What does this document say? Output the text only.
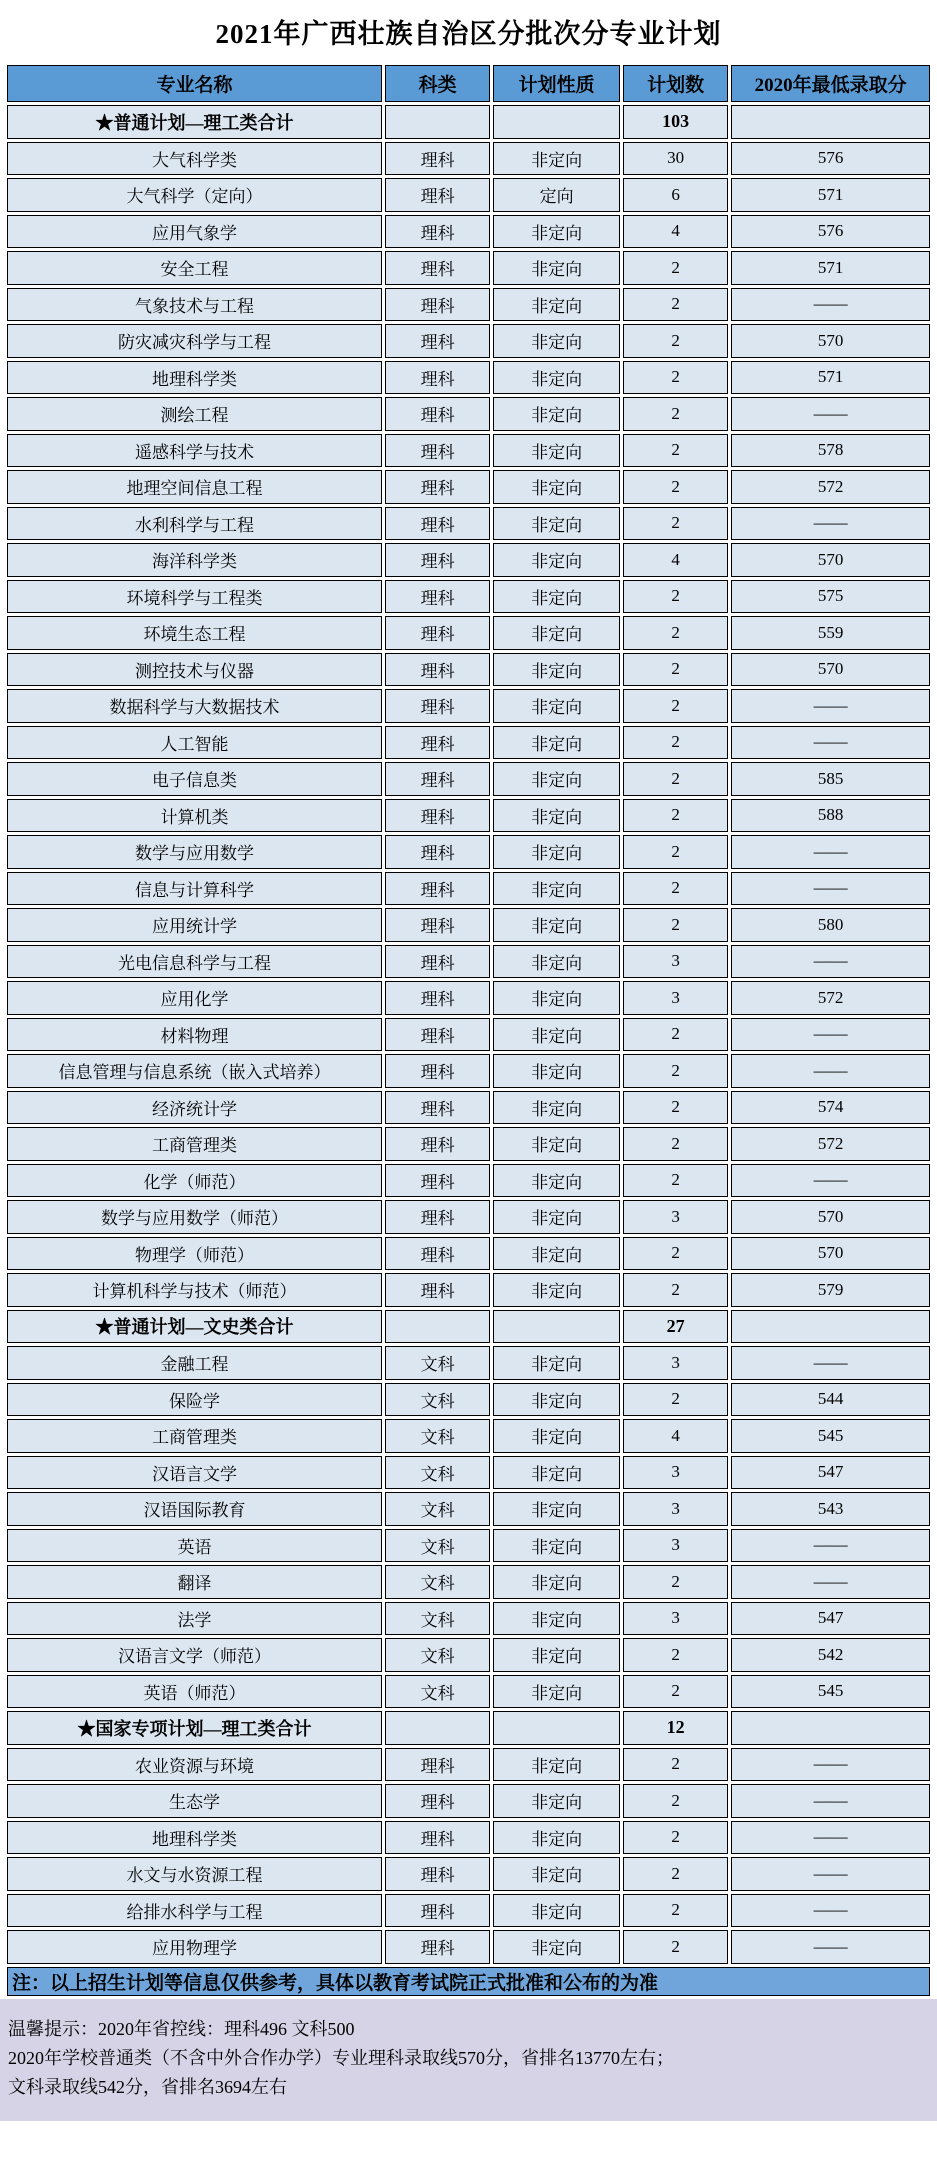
2021年广西壮族自治区分批次分专业计划
专业名称	科类	计划性质	计划数	2020年最低录取分
★普通计划—理工类合计			103	
大气科学类	理科	非定向	30	576
大气科学（定向）	理科	定向	6	571
应用气象学	理科	非定向	4	576
安全工程	理科	非定向	2	571
气象技术与工程	理科	非定向	2	——
防灾减灾科学与工程	理科	非定向	2	570
地理科学类	理科	非定向	2	571
测绘工程	理科	非定向	2	——
遥感科学与技术	理科	非定向	2	578
地理空间信息工程	理科	非定向	2	572
水利科学与工程	理科	非定向	2	——
海洋科学类	理科	非定向	4	570
环境科学与工程类	理科	非定向	2	575
环境生态工程	理科	非定向	2	559
测控技术与仪器	理科	非定向	2	570
数据科学与大数据技术	理科	非定向	2	——
人工智能	理科	非定向	2	——
电子信息类	理科	非定向	2	585
计算机类	理科	非定向	2	588
数学与应用数学	理科	非定向	2	——
信息与计算科学	理科	非定向	2	——
应用统计学	理科	非定向	2	580
光电信息科学与工程	理科	非定向	3	——
应用化学	理科	非定向	3	572
材料物理	理科	非定向	2	——
信息管理与信息系统（嵌入式培养）	理科	非定向	2	——
经济统计学	理科	非定向	2	574
工商管理类	理科	非定向	2	572
化学（师范）	理科	非定向	2	——
数学与应用数学（师范）	理科	非定向	3	570
物理学（师范）	理科	非定向	2	570
计算机科学与技术（师范）	理科	非定向	2	579
★普通计划—文史类合计			27	
金融工程	文科	非定向	3	——
保险学	文科	非定向	2	544
工商管理类	文科	非定向	4	545
汉语言文学	文科	非定向	3	547
汉语国际教育	文科	非定向	3	543
英语	文科	非定向	3	——
翻译	文科	非定向	2	——
法学	文科	非定向	3	547
汉语言文学（师范）	文科	非定向	2	542
英语（师范）	文科	非定向	2	545
★国家专项计划—理工类合计			12	
农业资源与环境	理科	非定向	2	——
生态学	理科	非定向	2	——
地理科学类	理科	非定向	2	——
水文与水资源工程	理科	非定向	2	——
给排水科学与工程	理科	非定向	2	——
应用物理学	理科	非定向	2	——
注：以上招生计划等信息仅供参考，具体以教育考试院正式批准和公布的为准				
温馨提示：2020年省控线：理科496 文科500
2020年学校普通类（不含中外合作办学）专业理科录取线570分，省排名13770左右；
文科录取线542分，省排名3694左右
